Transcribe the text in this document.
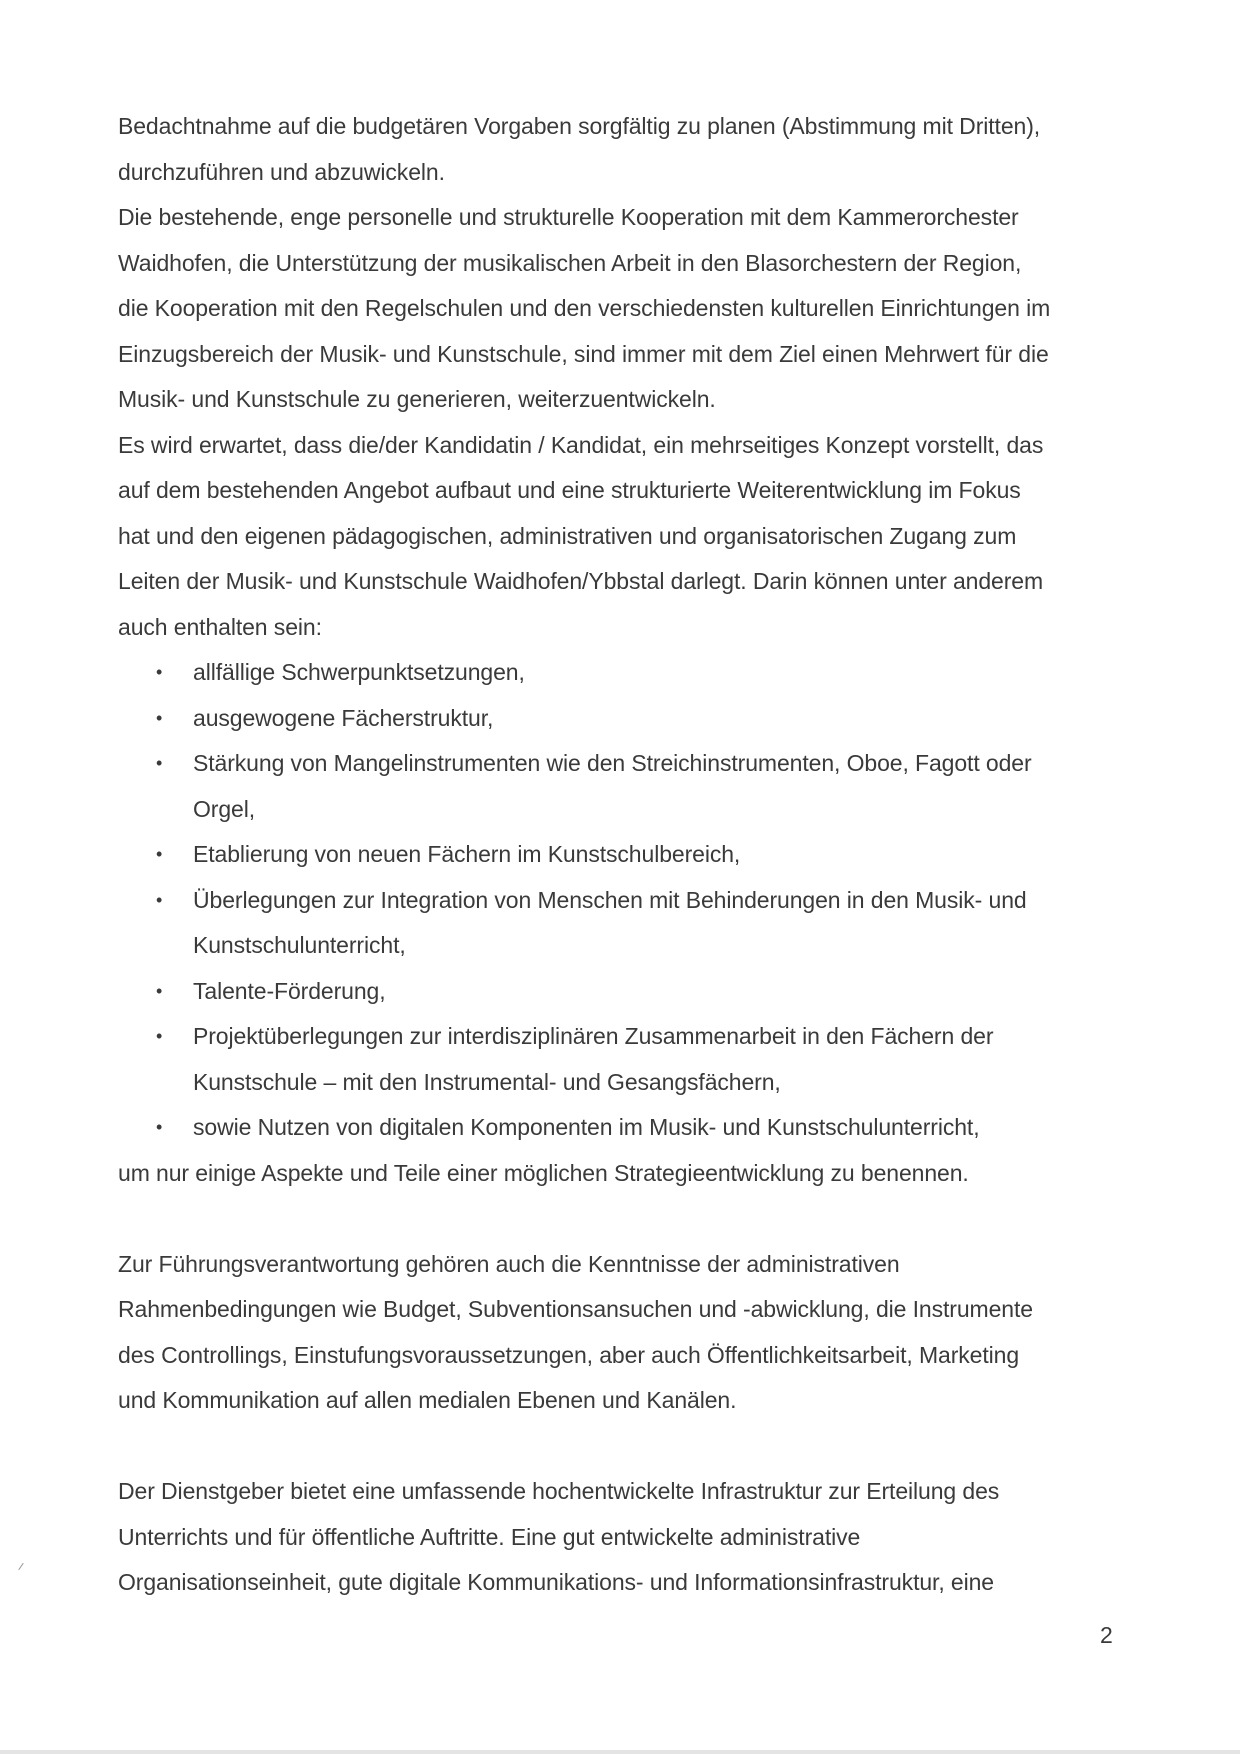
Bedachtnahme auf die budgetären Vorgaben sorgfältig zu planen (Abstimmung mit Dritten),
durchzuführen und abzuwickeln.
Die bestehende, enge personelle und strukturelle Kooperation mit dem Kammerorchester
Waidhofen, die Unterstützung der musikalischen Arbeit in den Blasorchestern der Region,
die Kooperation mit den Regelschulen und den verschiedensten kulturellen Einrichtungen im
Einzugsbereich der Musik- und Kunstschule, sind immer mit dem Ziel einen Mehrwert für die
Musik- und Kunstschule zu generieren, weiterzuentwickeln.
Es wird erwartet, dass die/der Kandidatin / Kandidat, ein mehrseitiges Konzept vorstellt, das
auf dem bestehenden Angebot aufbaut und eine strukturierte Weiterentwicklung im Fokus
hat und den eigenen pädagogischen, administrativen und organisatorischen Zugang zum
Leiten der Musik- und Kunstschule Waidhofen/Ybbstal darlegt. Darin können unter anderem
auch enthalten sein:
• allfällige Schwerpunktsetzungen,
• ausgewogene Fächerstruktur,
• Stärkung von Mangelinstrumenten wie den Streichinstrumenten, Oboe, Fagott oder
Orgel,
• Etablierung von neuen Fächern im Kunstschulbereich,
• Überlegungen zur Integration von Menschen mit Behinderungen in den Musik- und
Kunstschulunterricht,
• Talente-Förderung,
• Projektüberlegungen zur interdisziplinären Zusammenarbeit in den Fächern der
Kunstschule – mit den Instrumental- und Gesangsfächern,
• sowie Nutzen von digitalen Komponenten im Musik- und Kunstschulunterricht,
um nur einige Aspekte und Teile einer möglichen Strategieentwicklung zu benennen.
Zur Führungsverantwortung gehören auch die Kenntnisse der administrativen
Rahmenbedingungen wie Budget, Subventionsansuchen und -abwicklung, die Instrumente
des Controllings, Einstufungsvoraussetzungen, aber auch Öffentlichkeitsarbeit, Marketing
und Kommunikation auf allen medialen Ebenen und Kanälen.
Der Dienstgeber bietet eine umfassende hochentwickelte Infrastruktur zur Erteilung des
Unterrichts und für öffentliche Auftritte. Eine gut entwickelte administrative
Organisationseinheit, gute digitale Kommunikations- und Informationsinfrastruktur, eine
2
